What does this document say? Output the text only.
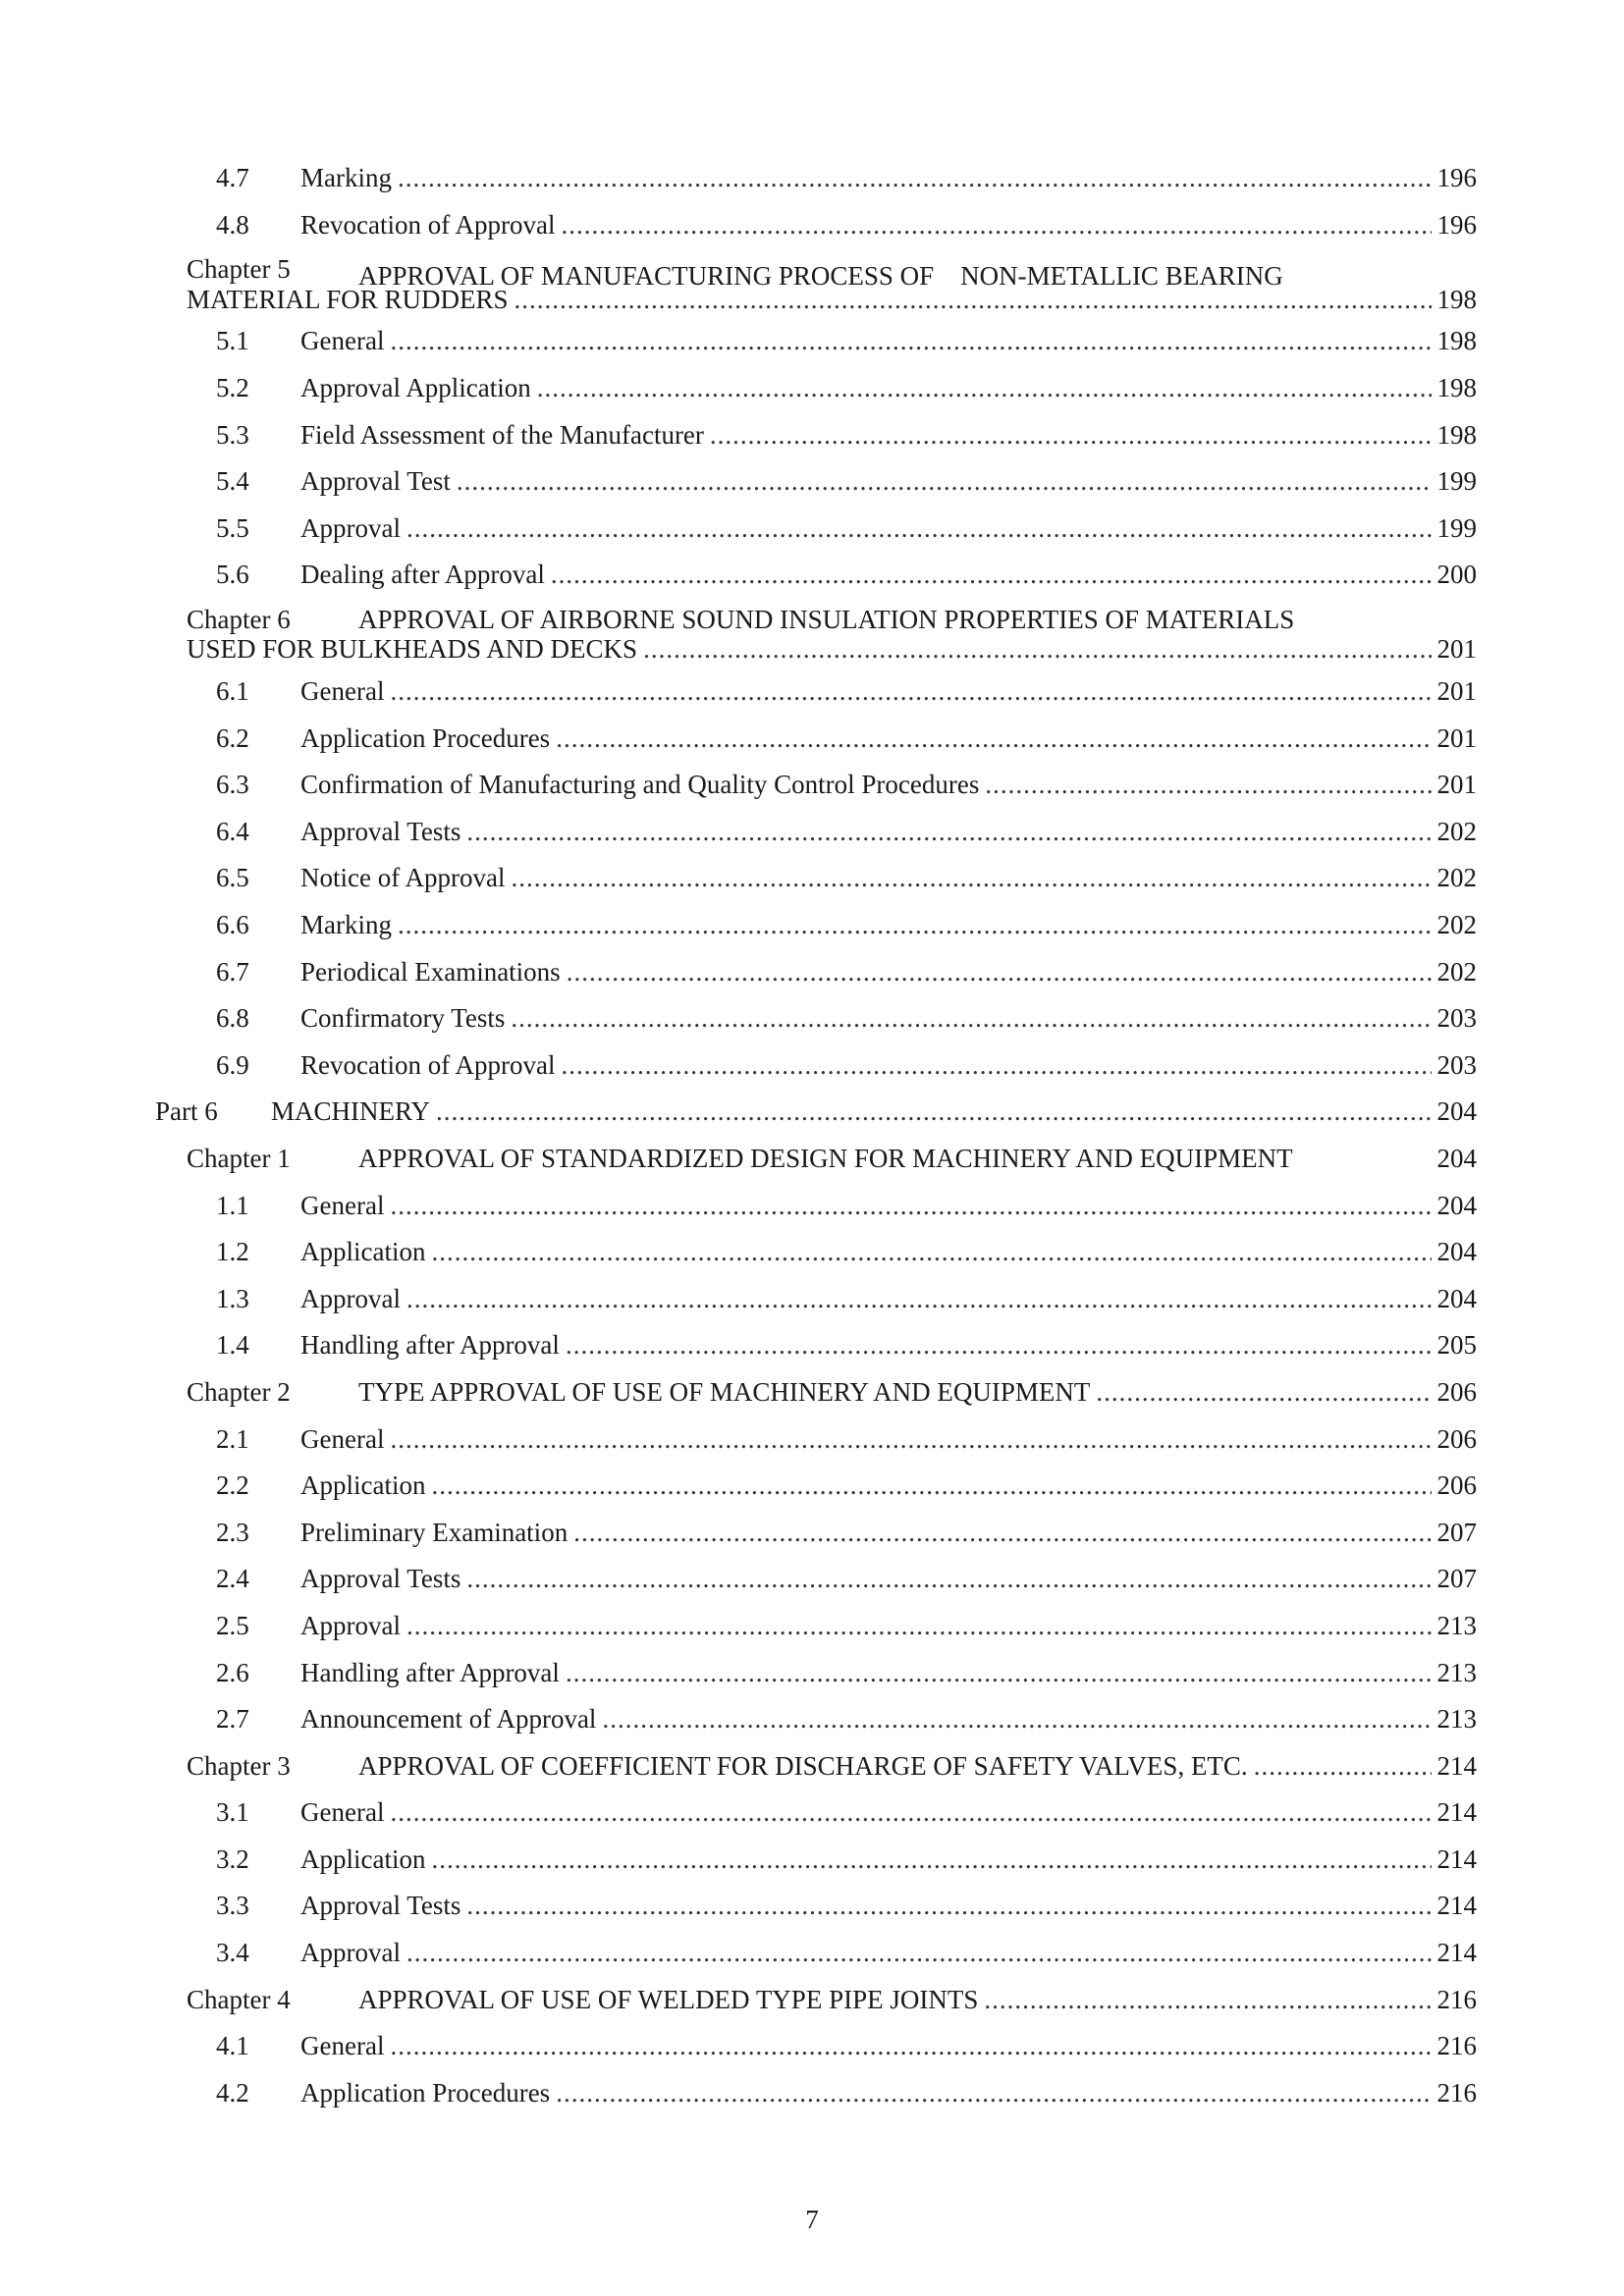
4.7 Marking .....	196
4.8 Revocation of Approval .....	196
Chapter 5	APPROVAL OF MANUFACTURING PROCESS OF　NON-METALLIC BEARING
MATERIAL FOR RUDDERS .....	198
5.1 General .....	198
5.2 Approval Application .....	198
5.3 Field Assessment of the Manufacturer .....	198
5.4 Approval Test .....	199
5.5 Approval .....	199
5.6 Dealing after Approval .....	200
Chapter 6	APPROVAL OF AIRBORNE SOUND INSULATION PROPERTIES OF MATERIALS
USED FOR BULKHEADS AND DECKS .....	201
6.1 General .....	201
6.2 Application Procedures .....	201
6.3 Confirmation of Manufacturing and Quality Control Procedures .....	201
6.4 Approval Tests .....	202
6.5 Notice of Approval .....	202
6.6 Marking .....	202
6.7 Periodical Examinations .....	202
6.8 Confirmatory Tests .....	203
6.9 Revocation of Approval .....	203
Part 6 MACHINERY .....	204
Chapter 1	APPROVAL OF STANDARDIZED DESIGN FOR MACHINERY AND EQUIPMENT	204
1.1 General .....	204
1.2 Application .....	204
1.3 Approval .....	204
1.4 Handling after Approval .....	205
Chapter 2	TYPE APPROVAL OF USE OF MACHINERY AND EQUIPMENT .....	206
2.1 General .....	206
2.2 Application .....	206
2.3 Preliminary Examination .....	207
2.4 Approval Tests .....	207
2.5 Approval .....	213
2.6 Handling after Approval .....	213
2.7 Announcement of Approval .....	213
Chapter 3	APPROVAL OF COEFFICIENT FOR DISCHARGE OF SAFETY VALVES, ETC. .....	214
3.1 General .....	214
3.2 Application .....	214
3.3 Approval Tests .....	214
3.4 Approval .....	214
Chapter 4	APPROVAL OF USE OF WELDED TYPE PIPE JOINTS .....	216
4.1 General .....	216
4.2 Application Procedures .....	216
7
